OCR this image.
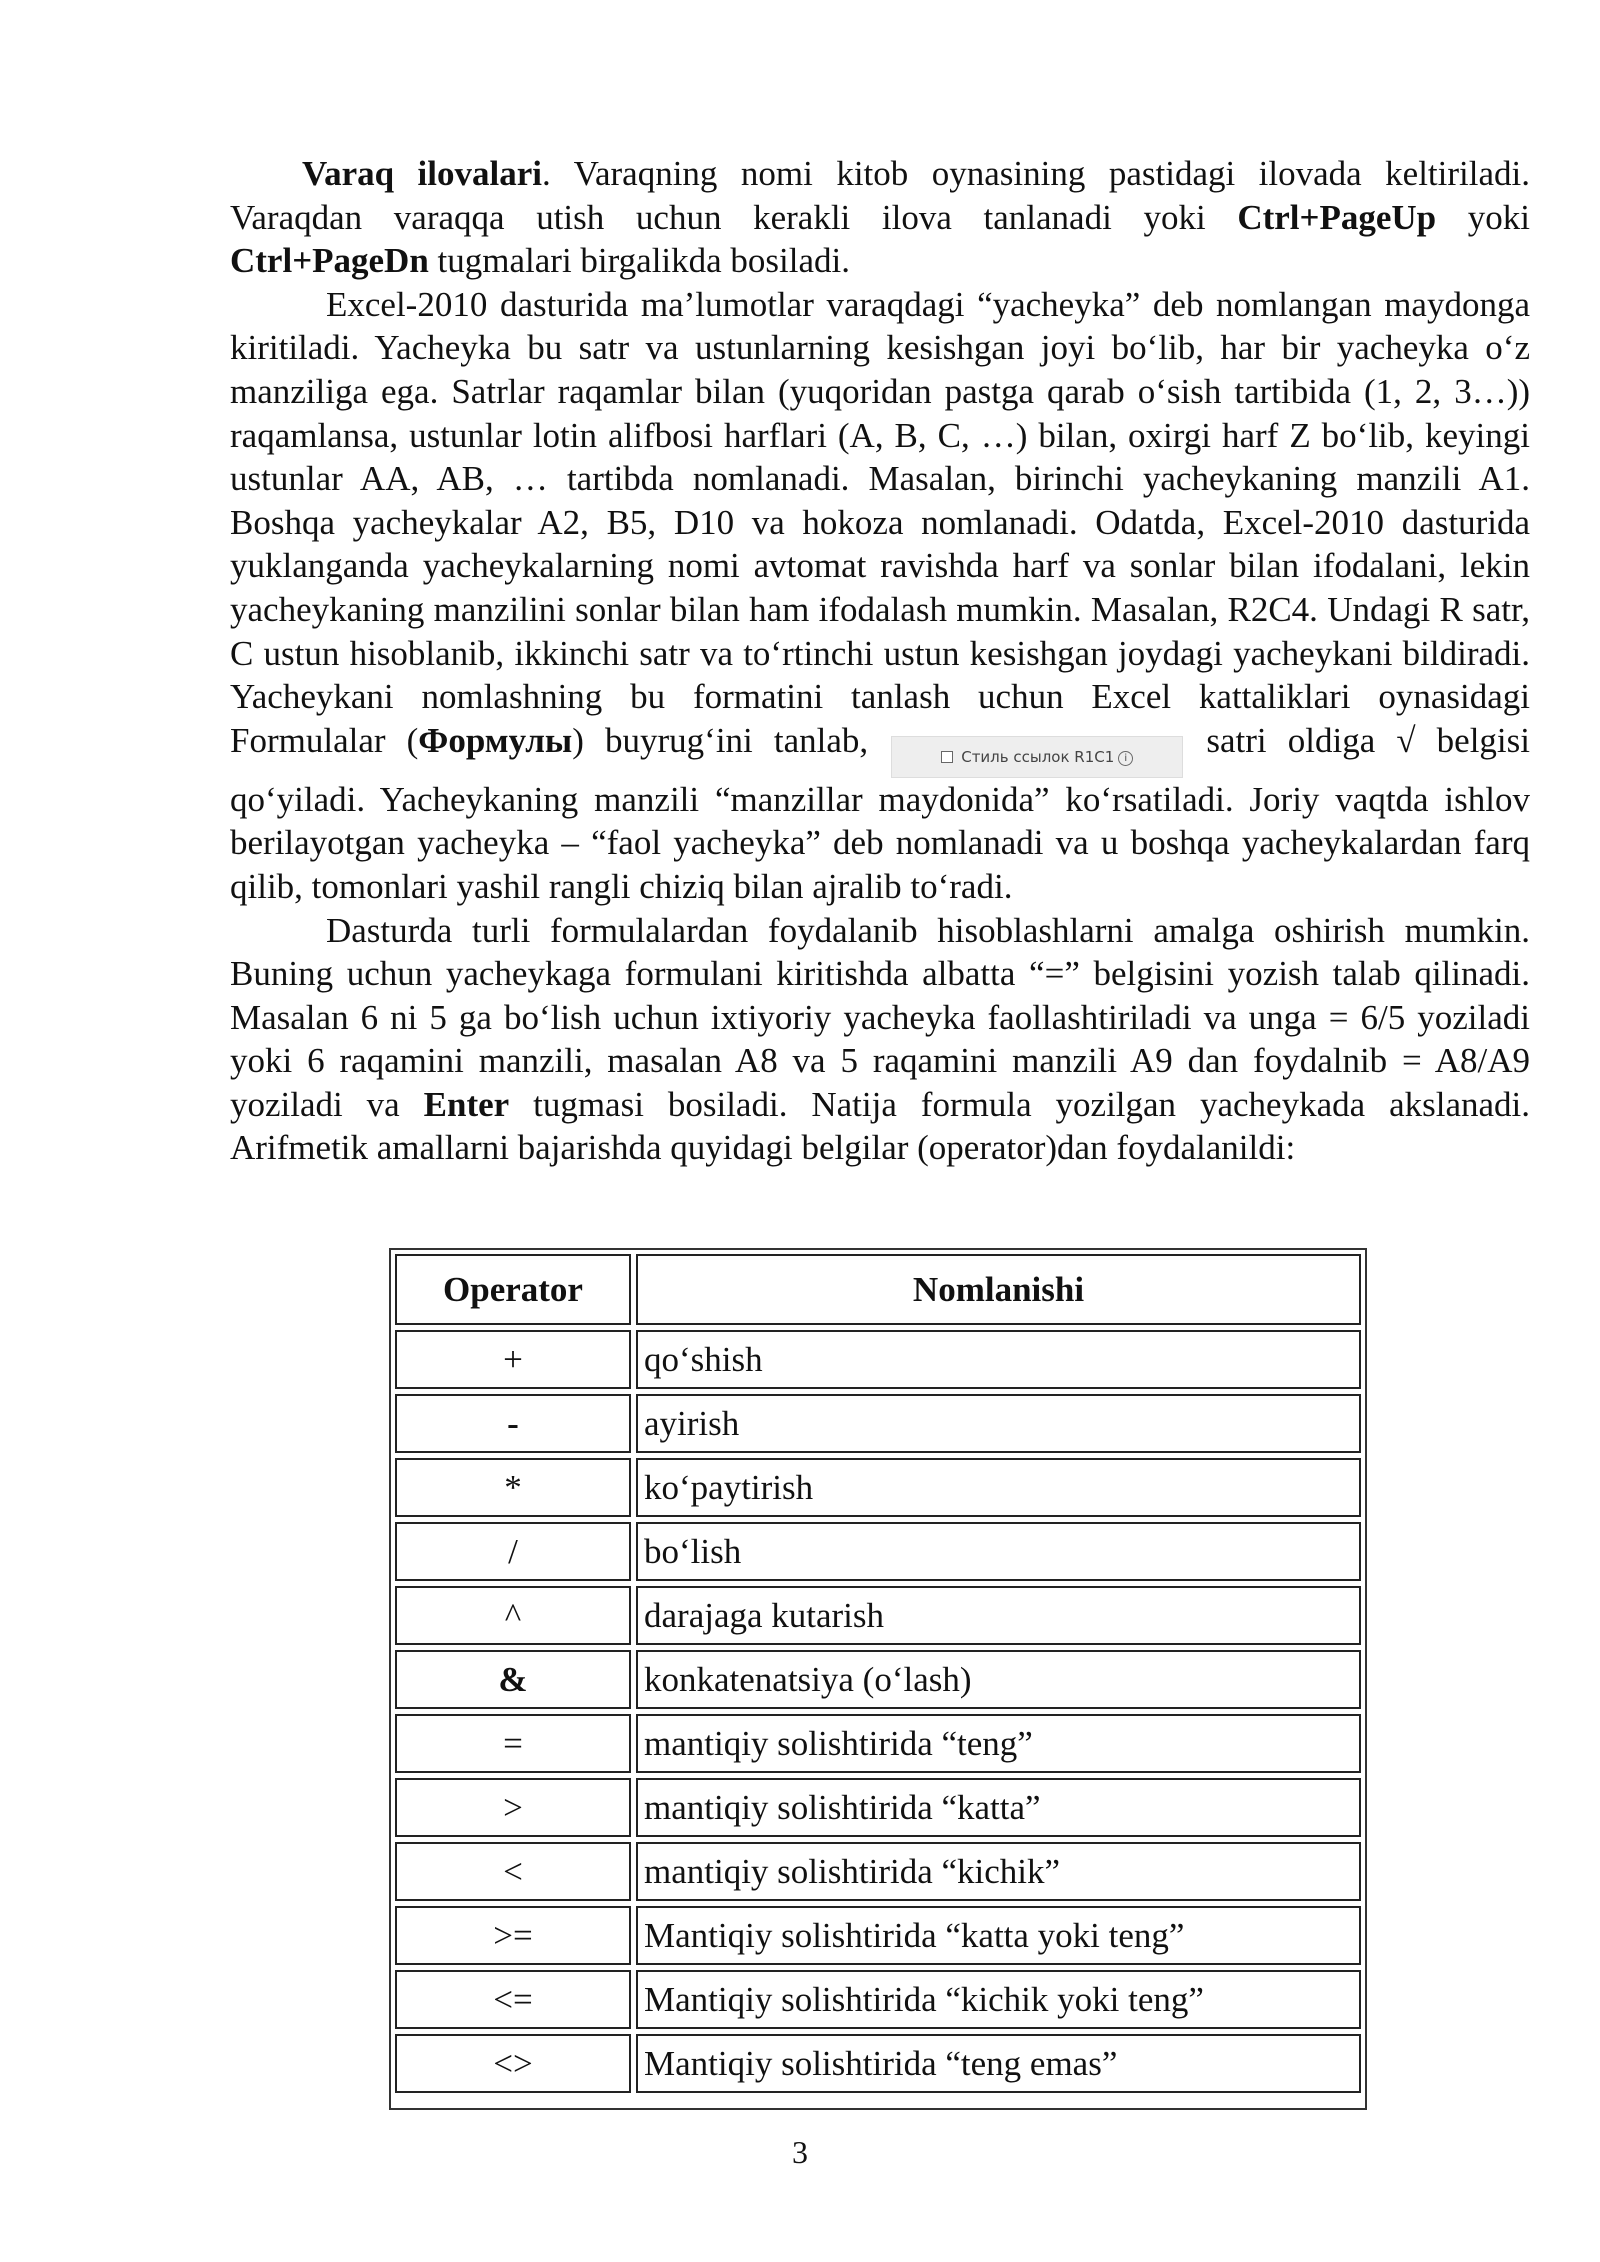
Varaq ilovalari. Varaqning nomi kitob oynasining pastidagi ilovada keltiriladi. Varaqdan varaqqa utish uchun kerakli ilova tanlanadi yoki Ctrl+PageUp yoki Ctrl+PageDn tugmalari birgalikda bosiladi.

Excel-2010 dasturida ma’lumotlar varaqdagi “yacheyka” deb nomlangan maydonga kiritiladi. Yacheyka bu satr va ustunlarning kesishgan joyi bo‘lib, har bir yacheyka o‘z manziliga ega. Satrlar raqamlar bilan (yuqoridan pastga qarab o‘sish tartibida (1, 2, 3…)) raqamlansa, ustunlar lotin alifbosi harflari (A, B, C, …) bilan, oxirgi harf Z bo‘lib, keyingi ustunlar AA, AB, … tartibda nomlanadi. Masalan, birinchi yacheykaning manzili A1. Boshqa yacheykalar A2, B5, D10 va hokoza nomlanadi. Odatda, Excel-2010 dasturida yuklanganda yacheykalarning nomi avtomat ravishda harf va sonlar bilan ifodalani, lekin yacheykaning manzilini sonlar bilan ham ifodalash mumkin. Masalan, R2C4. Undagi R satr, C ustun hisoblanib, ikkinchi satr va to‘rtinchi ustun kesishgan joydagi yacheykani bildiradi. Yacheykani nomlashning bu formatini tanlash uchun Excel kattaliklari oynasidagi Formulalar (Формулы) buyrug‘ini tanlab,	Стиль ссылок R1C1 i satri oldiga √ belgisi qo‘yiladi. Yacheykaning manzili “manzillar maydonida” ko‘rsatiladi. Joriy vaqtda ishlov berilayotgan yacheyka – “faol yacheyka” deb nomlanadi va u boshqa yacheykalardan farq qilib, tomonlari yashil rangli chiziq bilan ajralib to‘radi.

Dasturda turli formulalardan foydalanib hisoblashlarni amalga oshirish mumkin. Buning uchun yacheykaga formulani kiritishda albatta “=” belgisini yozish talab qilinadi. Masalan 6 ni 5 ga bo‘lish uchun ixtiyoriy yacheyka faollashtiriladi va unga = 6/5 yoziladi yoki 6 raqamini manzili, masalan A8 va 5 raqamini manzili A9 dan foydalnib = A8/A9 yoziladi va Enter tugmasi bosiladi. Natija formula yozilgan yacheykada akslanadi. Arifmetik amallarni bajarishda quyidagi belgilar (operator)dan foydalanildi:

Operator	Nomlanishi
+	qo‘shish
-	ayirish
*	ko‘paytirish
/	bo‘lish
^	darajaga kutarish
&	konkatenatsiya (o‘lash)
=	mantiqiy solishtirida “teng”
>	mantiqiy solishtirida “katta”
<	mantiqiy solishtirida “kichik”
>=	Mantiqiy solishtirida “katta yoki teng”
<=	Mantiqiy solishtirida “kichik yoki teng”
<>	Mantiqiy solishtirida “teng emas”
3
